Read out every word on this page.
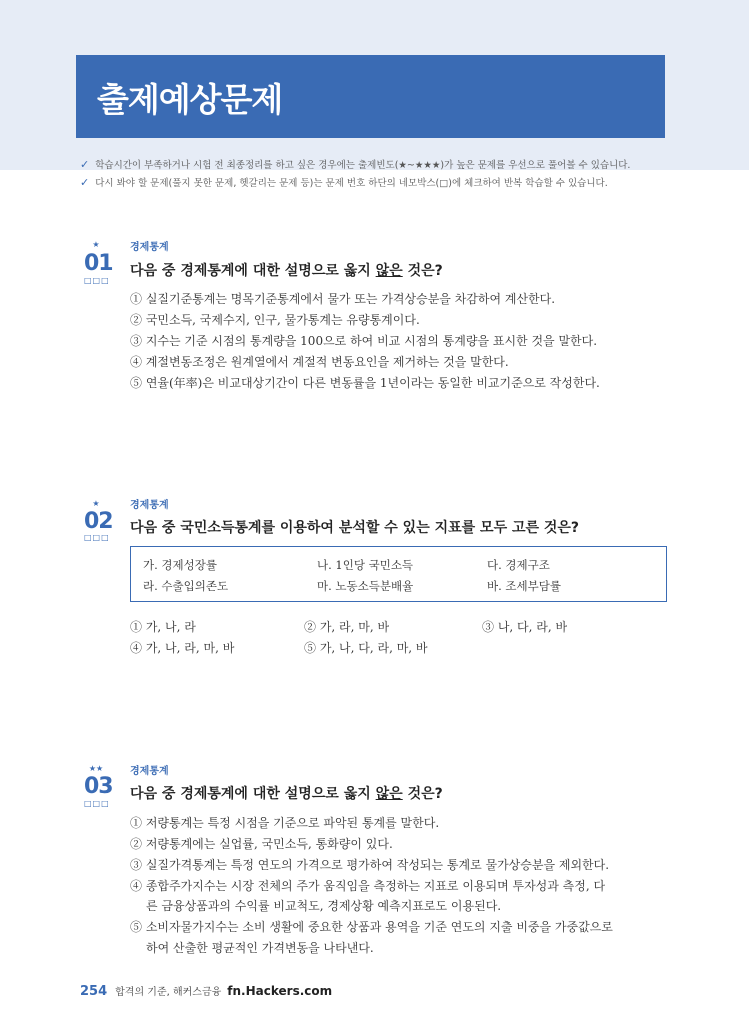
출제예상문제
✓ 학습시간이 부족하거나 시험 전 최종정리를 하고 싶은 경우에는 출제빈도(★~★★★)가 높은 문제를 우선으로 풀어볼 수 있습니다.
✓ 다시 봐야 할 문제(풀지 못한 문제, 헷갈리는 문제 등)는 문제 번호 하단의 네모박스(□)에 체크하여 반복 학습할 수 있습니다.
★
01
□□□
경제통계
다음 중 경제통계에 대한 설명으로 옳지 않은 것은?
① 실질기준통계는 명목기준통계에서 물가 또는 가격상승분을 차감하여 계산한다.
② 국민소득, 국제수지, 인구, 물가통계는 유량통계이다.
③ 지수는 기준 시점의 통계량을 100으로 하여 비교 시점의 통계량을 표시한 것을 말한다.
④ 계절변동조정은 원계열에서 계절적 변동요인을 제거하는 것을 말한다.
⑤ 연율(年率)은 비교대상기간이 다른 변동률을 1년이라는 동일한 비교기준으로 작성한다.
★
02
□□□
경제통계
다음 중 국민소득통계를 이용하여 분석할 수 있는 지표를 모두 고른 것은?
가. 경제성장률	나. 1인당 국민소득	다. 경제구조
라. 수출입의존도	마. 노동소득분배율	바. 조세부담률
① 가, 나, 라	② 가, 라, 마, 바	③ 나, 다, 라, 바
④ 가, 나, 라, 마, 바	⑤ 가, 나, 다, 라, 마, 바
★★
03
□□□
경제통계
다음 중 경제통계에 대한 설명으로 옳지 않은 것은?
① 저량통계는 특정 시점을 기준으로 파악된 통계를 말한다.
② 저량통계에는 실업률, 국민소득, 통화량이 있다.
③ 실질가격통계는 특정 연도의 가격으로 평가하여 작성되는 통계로 물가상승분을 제외한다.
④ 종합주가지수는 시장 전체의 주가 움직임을 측정하는 지표로 이용되며 투자성과 측정, 다
른 금융상품과의 수익률 비교척도, 경제상황 예측지표로도 이용된다.
⑤ 소비자물가지수는 소비 생활에 중요한 상품과 용역을 기준 연도의 지출 비중을 가중값으로
하여 산출한 평균적인 가격변동을 나타낸다.
254 합격의 기준, 해커스금융 fn.Hackers.com
